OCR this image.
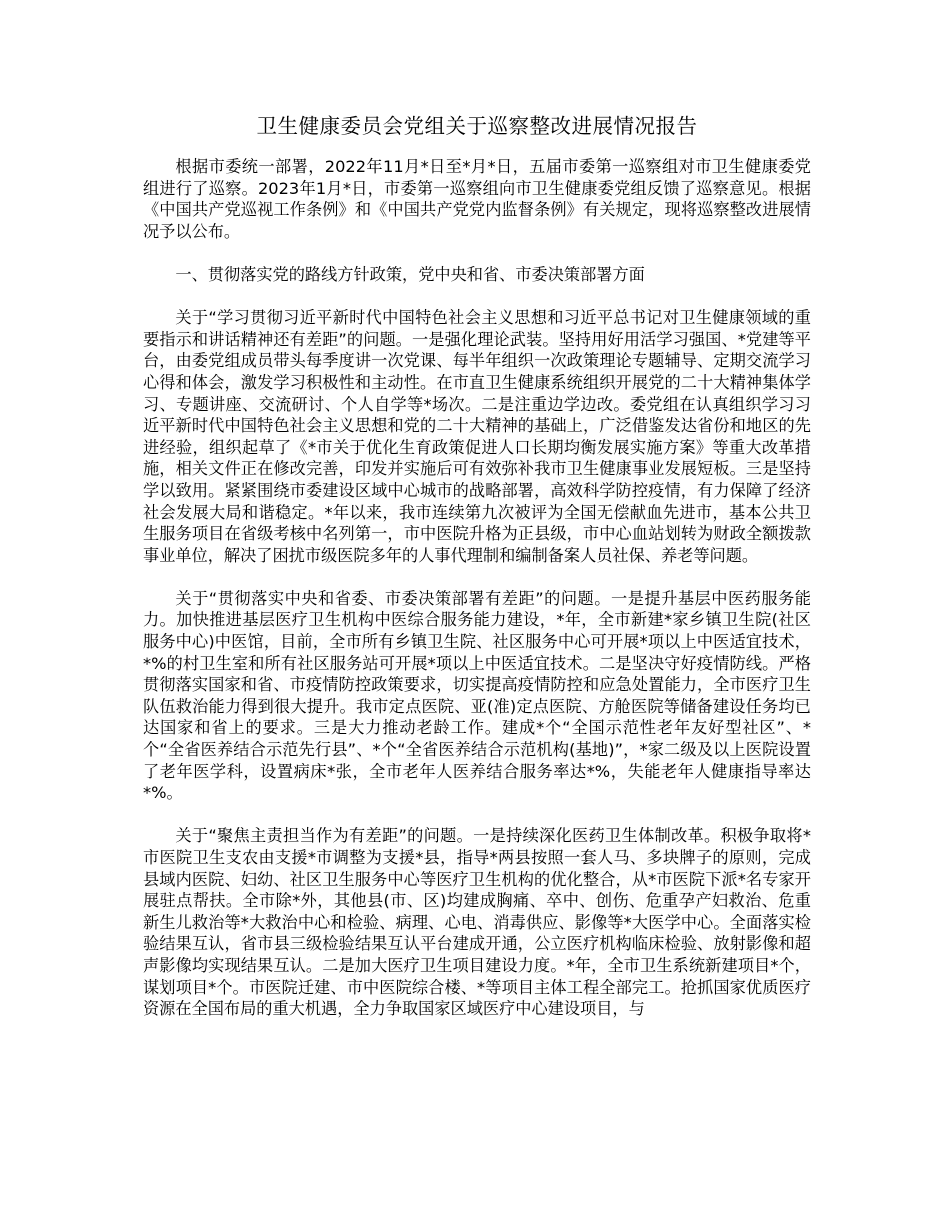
卫生健康委员会党组关于巡察整改进展情况报告

根据市委统一部署，2022年11月*日至*月*日，五届市委第一巡察组对市卫生健康委党组进行了巡察。2023年1月*日，市委第一巡察组向市卫生健康委党组反馈了巡察意见。根据《中国共产党巡视工作条例》和《中国共产党党内监督条例》有关规定，现将巡察整改进展情况予以公布。

一、贯彻落实党的路线方针政策，党中央和省、市委决策部署方面

关于“学习贯彻习近平新时代中国特色社会主义思想和习近平总书记对卫生健康领域的重要指示和讲话精神还有差距”的问题。一是强化理论武装。坚持用好用活学习强国、*党建等平台，由委党组成员带头每季度讲一次党课、每半年组织一次政策理论专题辅导、定期交流学习心得和体会，激发学习积极性和主动性。在市直卫生健康系统组织开展党的二十大精神集体学习、专题讲座、交流研讨、个人自学等*场次。二是注重边学边改。委党组在认真组织学习习近平新时代中国特色社会主义思想和党的二十大精神的基础上，广泛借鉴发达省份和地区的先进经验，组织起草了《*市关于优化生育政策促进人口长期均衡发展实施方案》等重大改革措施，相关文件正在修改完善，印发并实施后可有效弥补我市卫生健康事业发展短板。三是坚持学以致用。紧紧围绕市委建设区域中心城市的战略部署，高效科学防控疫情，有力保障了经济社会发展大局和谐稳定。*年以来，我市连续第九次被评为全国无偿献血先进市，基本公共卫生服务项目在省级考核中名列第一，市中医院升格为正县级，市中心血站划转为财政全额拨款事业单位，解决了困扰市级医院多年的人事代理制和编制备案人员社保、养老等问题。

关于“贯彻落实中央和省委、市委决策部署有差距”的问题。一是提升基层中医药服务能力。加快推进基层医疗卫生机构中医综合服务能力建设，*年，全市新建*家乡镇卫生院(社区服务中心)中医馆，目前，全市所有乡镇卫生院、社区服务中心可开展*项以上中医适宜技术，*%的村卫生室和所有社区服务站可开展*项以上中医适宜技术。二是坚决守好疫情防线。严格贯彻落实国家和省、市疫情防控政策要求，切实提高疫情防控和应急处置能力，全市医疗卫生队伍救治能力得到很大提升。我市定点医院、亚(准)定点医院、方舱医院等储备建设任务均已达国家和省上的要求。三是大力推动老龄工作。建成*个“全国示范性老年友好型社区”、*个“全省医养结合示范先行县”、*个“全省医养结合示范机构(基地)”，*家二级及以上医院设置了老年医学科，设置病床*张，全市老年人医养结合服务率达*%，失能老年人健康指导率达*%。

关于“聚焦主责担当作为有差距”的问题。一是持续深化医药卫生体制改革。积极争取将*市医院卫生支农由支援*市调整为支援*县，指导*两县按照一套人马、多块牌子的原则，完成县域内医院、妇幼、社区卫生服务中心等医疗卫生机构的优化整合，从*市医院下派*名专家开展驻点帮扶。全市除*外，其他县(市、区)均建成胸痛、卒中、创伤、危重孕产妇救治、危重新生儿救治等*大救治中心和检验、病理、心电、消毒供应、影像等*大医学中心。全面落实检验结果互认，省市县三级检验结果互认平台建成开通，公立医疗机构临床检验、放射影像和超声影像均实现结果互认。二是加大医疗卫生项目建设力度。*年，全市卫生系统新建项目*个，谋划项目*个。市医院迁建、市中医院综合楼、*等项目主体工程全部完工。抢抓国家优质医疗资源在全国布局的重大机遇，全力争取国家区域医疗中心建设项目，与
